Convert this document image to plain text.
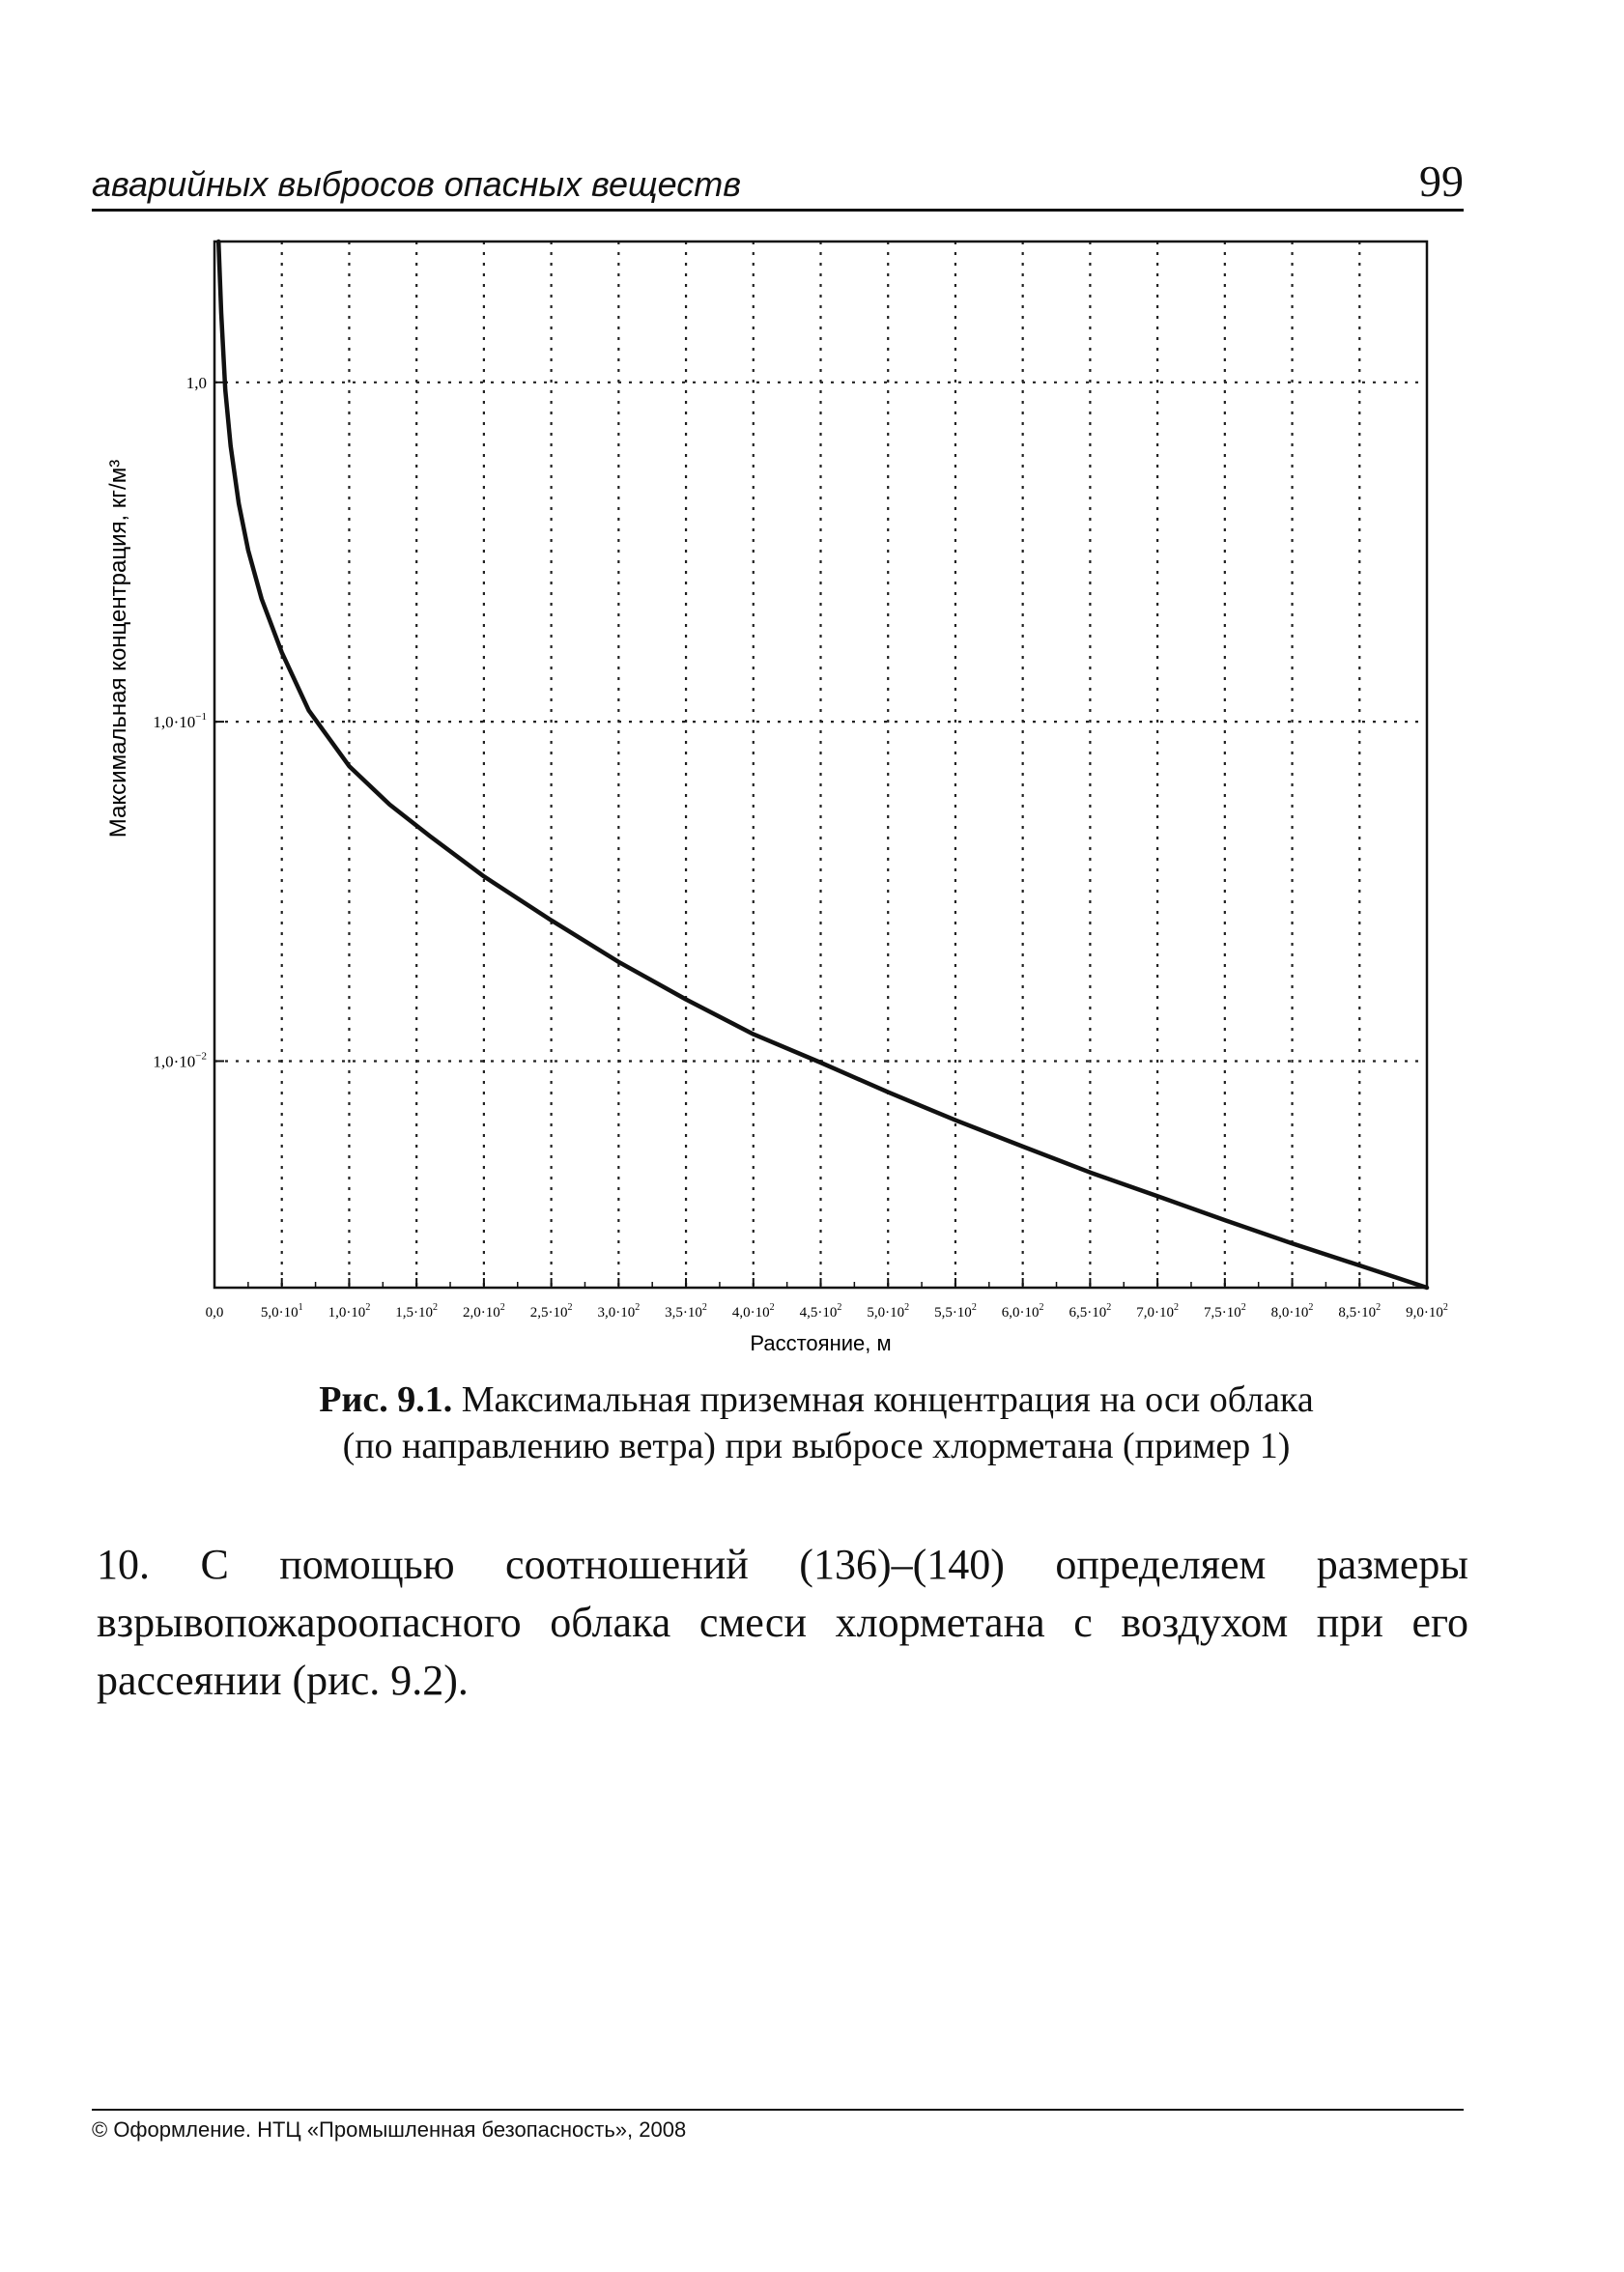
аварийных выбросов опасных веществ	99
0,0	$5,0\cdot 10^1$ $1,0\cdot 10^2$ $1,5\cdot 10^2$ $2,0\cdot 10^2$ $2,5\cdot 10^2$ $3,0\cdot 10^2$ $3,5\cdot 10^2$ $4,0\cdot 10^2$ $4,5\cdot 10^2$ $5,0\cdot 10^2$ $5,5\cdot 10^2$ $6,0\cdot 10^2$ $6,5\cdot 10^2$ $7,0\cdot 10^2$ $7,5\cdot 10^2$ $8,0\cdot 10^2$ $8,5\cdot 10^2$ $9,0\cdot 10^2$
1,0
$1,0\cdot 10^{-1}$
$1,0\cdot 10^{-2}$
Расстояние, м
Максимальная концентрация, кг/м³
Рис. 9.1. Максимальная приземная концентрация на оси облака
(по направлению ветра) при выбросе хлорметана (пример 1)
10. С помощью соотношений (136)–(140) определяем размеры взрывопожароопасного облака смеси хлорметана с воздухом при его рассеянии (рис. 9.2).
© Оформление. НТЦ «Промышленная безопасность», 2008
